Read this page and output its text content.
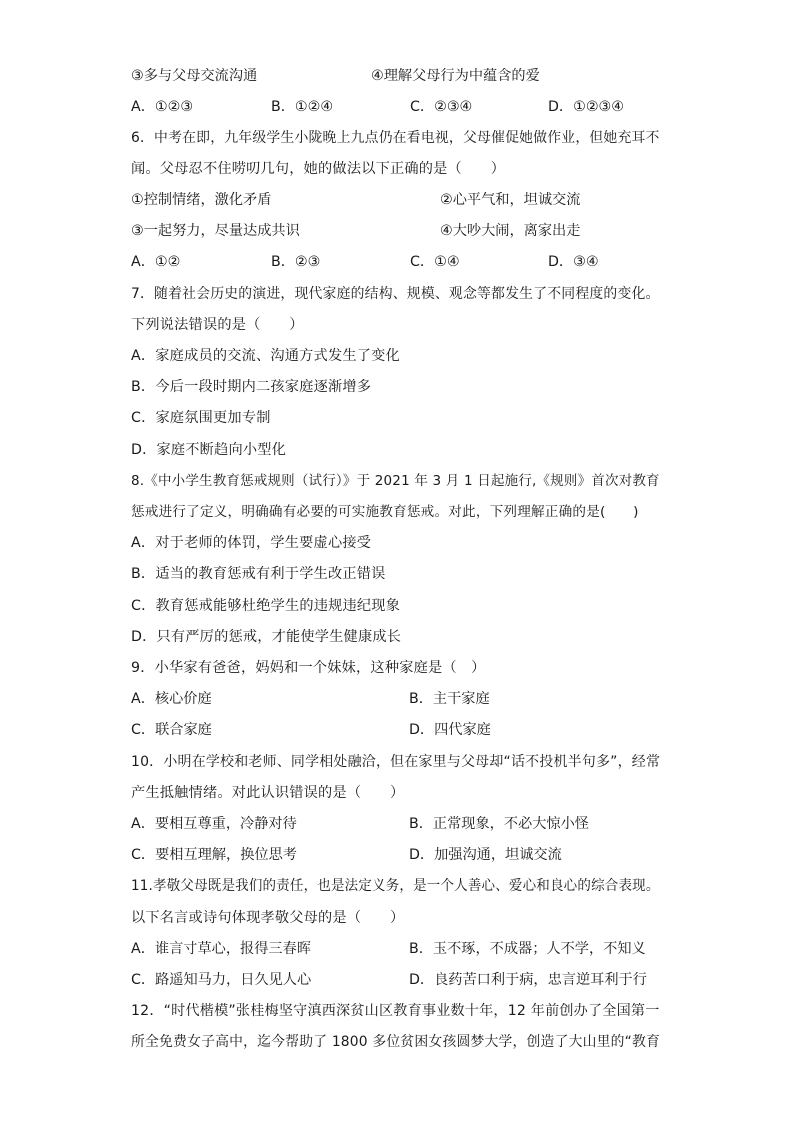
③多与父母交流沟通	④理解父母行为中蕴含的爱
A．①②③	B．①②④	C．②③④	D．①②③④
6．中考在即，九年级学生小陇晚上九点仍在看电视，父母催促她做作业，但她充耳不
闻。父母忍不住唠叨几句，她的做法以下正确的是（　　）
①控制情绪，激化矛盾	②心平气和，坦诚交流
③一起努力，尽量达成共识	④大吵大闹，离家出走
A．①②	B．②③	C．①④	D．③④
7．随着社会历史的演进，现代家庭的结构、规模、观念等都发生了不同程度的变化。
下列说法错误的是（　　）
A．家庭成员的交流、沟通方式发生了变化
B．今后一段时期内二孩家庭逐渐增多
C．家庭氛围更加专制
D．家庭不断趋向小型化
8.《中小学生教育惩戒规则（试行）》于 2021 年 3 月 1 日起施行,《规则》首次对教育
惩戒进行了定义，明确确有必要的可实施教育惩戒。对此，下列理解正确的是(　　)
A．对于老师的体罚，学生要虚心接受
B．适当的教育惩戒有利于学生改正错误
C．教育惩戒能够杜绝学生的违规违纪现象
D．只有严厉的惩戒，才能使学生健康成长
9．小华家有爸爸，妈妈和一个妹妹，这种家庭是（　）
A．核心价庭	B．主干家庭
C．联合家庭	D．四代家庭
10．小明在学校和老师、同学相处融洽，但在家里与父母却“话不投机半句多”，经常
产生抵触情绪。对此认识错误的是（　　）
A．要相互尊重，冷静对待	B．正常现象，不必大惊小怪
C．要相互理解，换位思考	D．加强沟通，坦诚交流
11.孝敬父母既是我们的责任，也是法定义务，是一个人善心、爱心和良心的综合表现。
以下名言或诗句体现孝敬父母的是（　　）
A．谁言寸草心，报得三春晖	B．玉不琢，不成器；人不学，不知义
C．路遥知马力，日久见人心	D．良药苦口利于病，忠言逆耳利于行
12．“时代楷模”张桂梅坚守滇西深贫山区教育事业数十年，12 年前创办了全国第一
所全免费女子高中，迄今帮助了 1800 多位贫困女孩圆梦大学，创造了大山里的“教育
